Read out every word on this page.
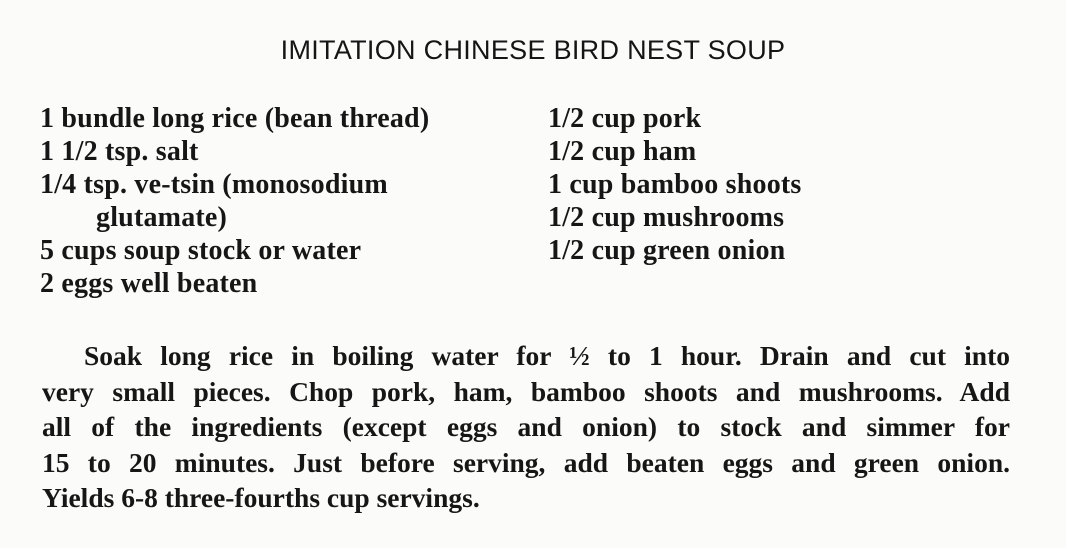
IMITATION CHINESE BIRD NEST SOUP
1 bundle long rice (bean thread)
1 1/2 tsp. salt
1/4 tsp. ve-tsin (monosodium
glutamate)
5 cups soup stock or water
2 eggs well beaten
1/2 cup pork
1/2 cup ham
1 cup bamboo shoots
1/2 cup mushrooms
1/2 cup green onion
Soak long rice in boiling water for ½ to 1 hour. Drain and cut into
very small pieces. Chop pork, ham, bamboo shoots and mushrooms. Add
all of the ingredients (except eggs and onion) to stock and simmer for
15 to 20 minutes. Just before serving, add beaten eggs and green onion.
Yields 6-8 three-fourths cup servings.
